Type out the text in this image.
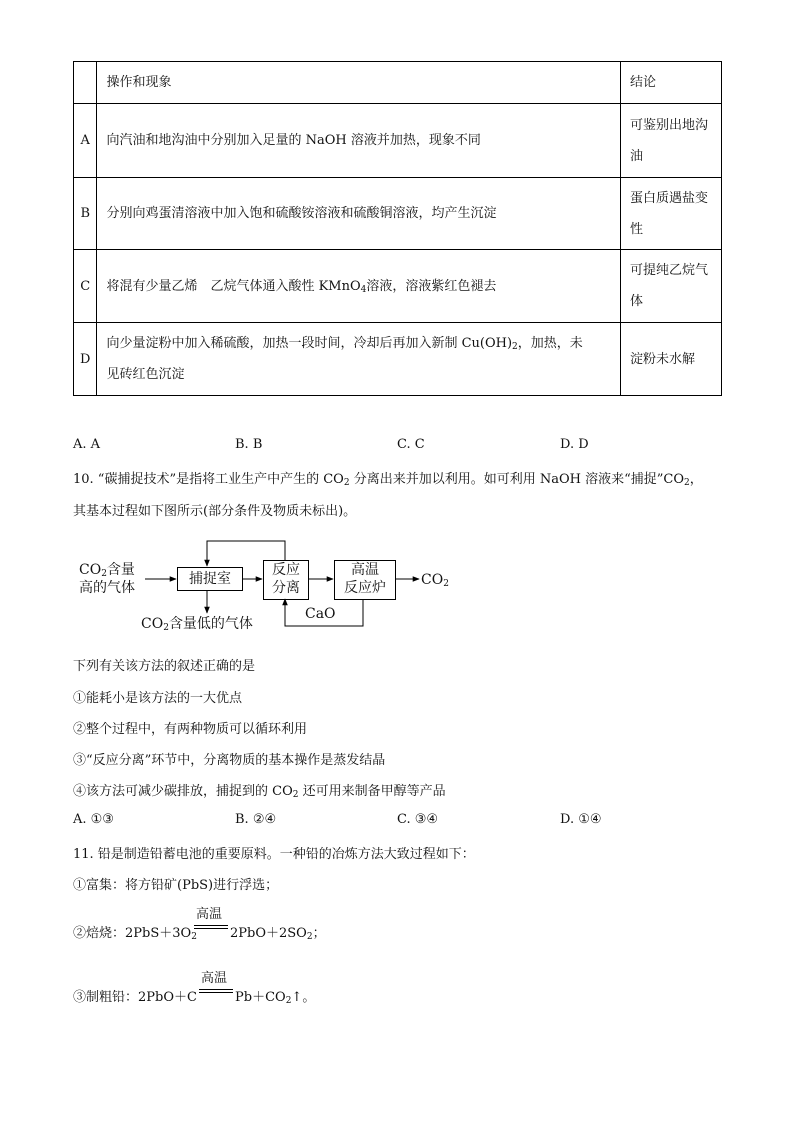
	操作和现象	结论
A	向汽油和地沟油中分别加入足量的 NaOH 溶液并加热，现象不同	可鉴别出地沟
油
B	分别向鸡蛋清溶液中加入饱和硫酸铵溶液和硫酸铜溶液，均产生沉淀	蛋白质遇盐变
性
C	将混有少量乙烯　乙烷气体通入酸性 KMnO$_4$溶液，溶液紫红色褪去	可提纯乙烷气
体
D	向少量淀粉中加入稀硫酸，加热一段时间，冷却后再加入新制 $Cu(OH)_2$，加热，未
见砖红色沉淀	淀粉未水解
A. A	B. B	C. C	D. D
10. “碳捕捉技术”是指将工业生产中产生的 $CO_2$ 分离出来并加以利用。如可利用 NaOH 溶液来“捕捉$”CO_2$，
其基本过程如下图所示(部分条件及物质未标出)。
$CO_2$含量
高的气体
捕捉室
反应
分离
高温
反应炉	$CO_2$
CaO
$CO_2$含量低的气体
下列有关该方法的叙述正确的是
①能耗小是该方法的一大优点
②整个过程中，有两种物质可以循环利用
③“反应分离”环节中，分离物质的基本操作是蒸发结晶
④该方法可减少碳排放，捕捉到的 $CO_2$ 还可用来制备甲醇等产品
A. ①③	B. ②④	C. ③④	D. ①④
11. 铅是制造铅蓄电池的重要原料。一种铅的冶炼方法大致过程如下：
①富集：将方铅矿(PbS)进行浮选；
②焙烧：$2PbS+3O_2$
高温
$2PbO+2SO_2$；
③制粗铅：2PbO＋C
高温
$Pb+CO_2↑$。
